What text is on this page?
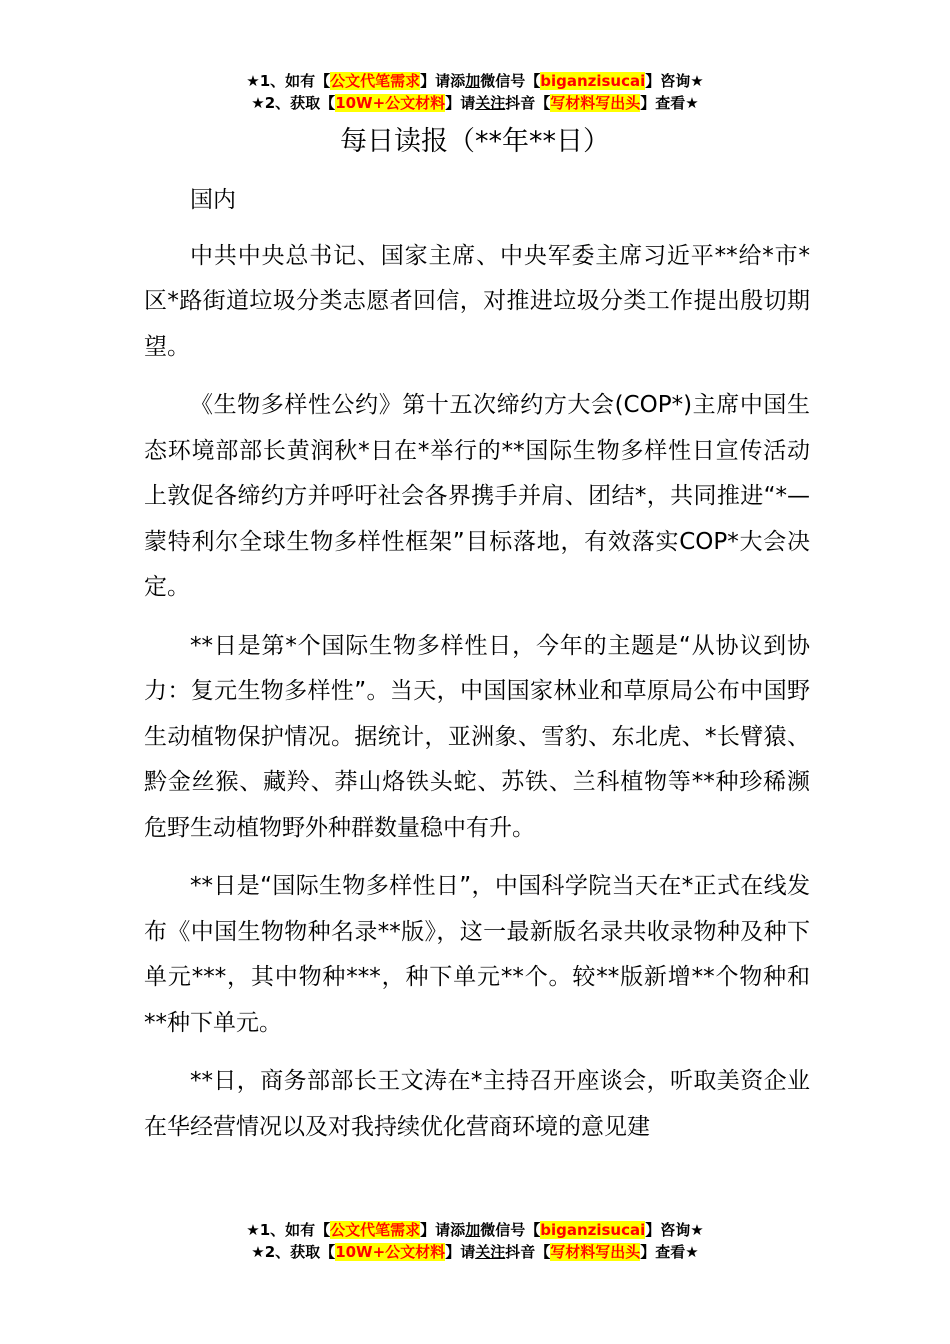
★1、如有【公文代笔需求】请添加微信号【biganzisucai】咨询★
★2、获取【10W+公文材料】请关注抖音【写材料写出头】查看★
每日读报（**年**日）

国内

中共中央总书记、国家主席、中央军委主席习近平**给*市*区*路街道垃圾分类志愿者回信，对推进垃圾分类工作提出殷切期望。

《生物多样性公约》第十五次缔约方大会(COP*)主席中国生态环境部部长黄润秋*日在*举行的**国际生物多样性日宣传活动上敦促各缔约方并呼吁社会各界携手并肩、团结*，共同推进“*—蒙特利尔全球生物多样性框架”目标落地，有效落实COP*大会决定。

**日是第*个国际生物多样性日，今年的主题是“从协议到协力：复元生物多样性”。当天，中国国家林业和草原局公布中国野生动植物保护情况。据统计，亚洲象、雪豹、东北虎、*长臂猿、黔金丝猴、藏羚、莽山烙铁头蛇、苏铁、兰科植物等**种珍稀濒危野生动植物野外种群数量稳中有升。

**日是“国际生物多样性日”，中国科学院当天在*正式在线发布《中国生物物种名录**版》，这一最新版名录共收录物种及种下单元***，其中物种***，种下单元**个。较**版新增**个物种和**种下单元。

**日，商务部部长王文涛在*主持召开座谈会，听取美资企业在华经营情况以及对我持续优化营商环境的意见建

★1、如有【公文代笔需求】请添加微信号【biganzisucai】咨询★
★2、获取【10W+公文材料】请关注抖音【写材料写出头】查看★
